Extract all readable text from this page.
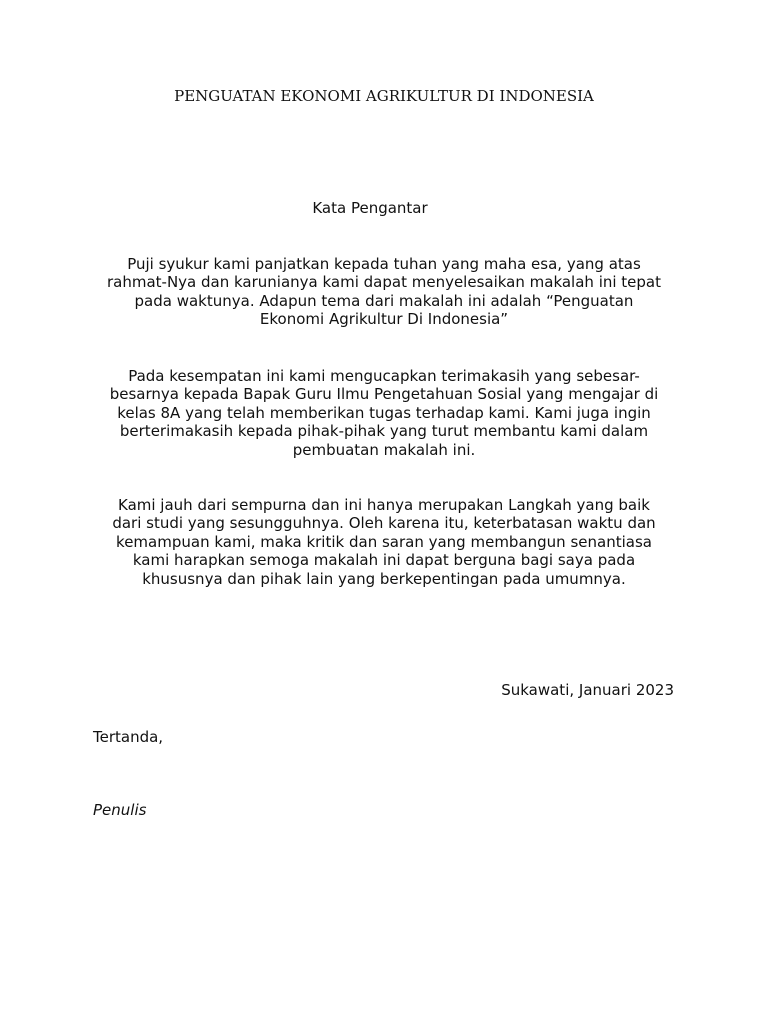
PENGUATAN EKONOMI AGRIKULTUR DI INDONESIA
Kata Pengantar

Puji syukur kami panjatkan kepada tuhan yang maha esa, yang atas
rahmat-Nya dan karunianya kami dapat menyelesaikan makalah ini tepat
pada waktunya. Adapun tema dari makalah ini adalah “Penguatan
Ekonomi Agrikultur Di Indonesia”

Pada kesempatan ini kami mengucapkan terimakasih yang sebesar-
besarnya kepada Bapak Guru Ilmu Pengetahuan Sosial yang mengajar di
kelas 8A yang telah memberikan tugas terhadap kami. Kami juga ingin
berterimakasih kepada pihak-pihak yang turut membantu kami dalam
pembuatan makalah ini.

Kami jauh dari sempurna dan ini hanya merupakan Langkah yang baik
dari studi yang sesungguhnya. Oleh karena itu, keterbatasan waktu dan
kemampuan kami, maka kritik dan saran yang membangun senantiasa
kami harapkan semoga makalah ini dapat berguna bagi saya pada
khususnya dan pihak lain yang berkepentingan pada umumnya.

Sukawati, Januari 2023
Tertanda,
Penulis
